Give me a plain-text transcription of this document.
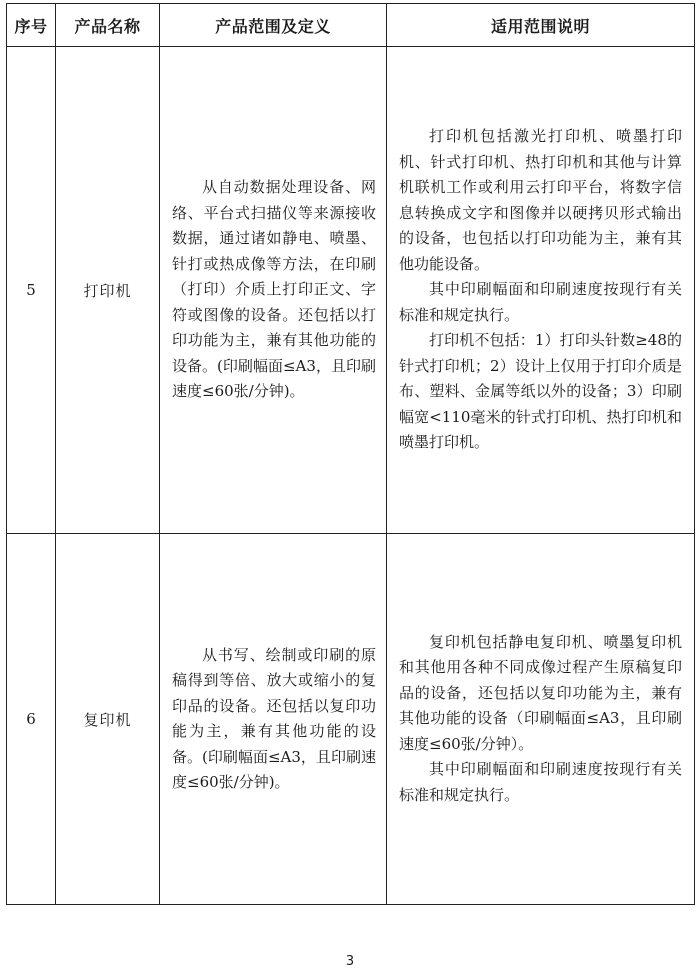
序号	产品名称	产品范围及定义	适用范围说明
5	打印机	从自动数据处理设备、网络、平台式扫描仪等来源接收数据，通过诸如静电、喷墨、针打或热成像等方法，在印刷（打印）介质上打印正文、字符或图像的设备。还包括以打印功能为主，兼有其他功能的设备。(印刷幅面≤A3，且印刷速度≤60张/分钟)。	打印机包括激光打印机、喷墨打印机、针式打印机、热打印机和其他与计算机联机工作或利用云打印平台，将数字信息转换成文字和图像并以硬拷贝形式输出的设备，也包括以打印功能为主，兼有其他功能设备。

其中印刷幅面和印刷速度按现行有关标准和规定执行。

打印机不包括：1）打印头针数≥48的针式打印机；2）设计上仅用于打印介质是布、塑料、金属等纸以外的设备；3）印刷幅宽<110毫米的针式打印机、热打印机和喷墨打印机。

6	复印机	从书写、绘制或印刷的原稿得到等倍、放大或缩小的复印品的设备。还包括以复印功能为主，兼有其他功能的设备。(印刷幅面≤A3，且印刷速度≤60张/分钟)。	复印机包括静电复印机、喷墨复印机和其他用各种不同成像过程产生原稿复印品的设备，还包括以复印功能为主，兼有其他功能的设备（印刷幅面≤A3，且印刷速度≤60张/分钟）。

其中印刷幅面和印刷速度按现行有关标准和规定执行。

3
